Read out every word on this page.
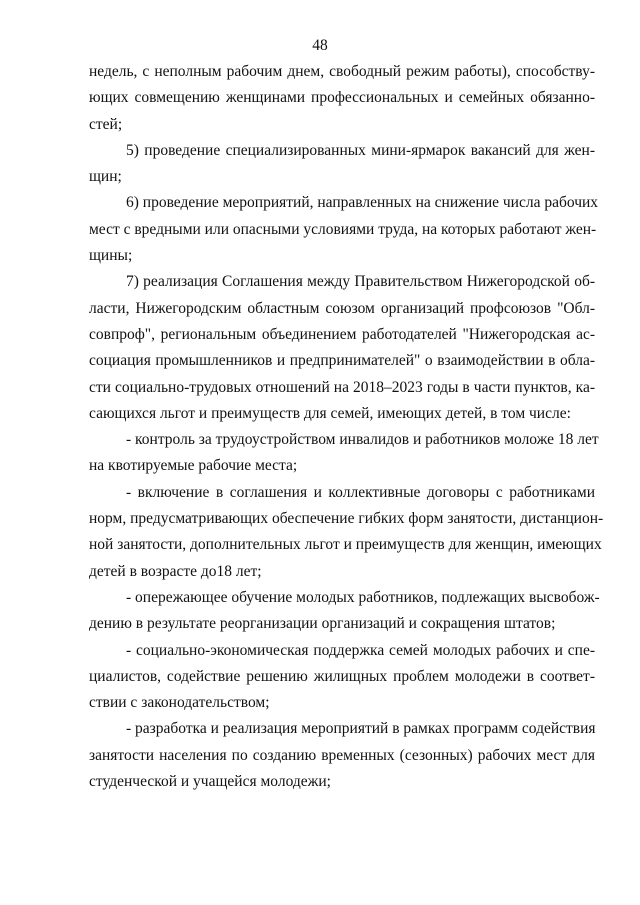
48
недель, с неполным рабочим днем, свободный режим работы), способству-
ющих совмещению женщинами профессиональных и семейных обязанно-
стей;
5) проведение специализированных мини-ярмарок вакансий для жен-
щин;
6) проведение мероприятий, направленных на снижение числа рабочих
мест с вредными или опасными условиями труда, на которых работают жен-
щины;
7) реализация Соглашения между Правительством Нижегородской об-
ласти, Нижегородским областным союзом организаций профсоюзов "Обл-
совпроф", региональным объединением работодателей "Нижегородская ас-
социация промышленников и предпринимателей" о взаимодействии в обла-
сти социально-трудовых отношений на 2018–2023 годы в части пунктов, ка-
сающихся льгот и преимуществ для семей, имеющих детей, в том числе:
- контроль за трудоустройством инвалидов и работников моложе 18 лет
на квотируемые рабочие места;
- включение в соглашения и коллективные договоры с работниками
норм, предусматривающих обеспечение гибких форм занятости, дистанцион-
ной занятости, дополнительных льгот и преимуществ для женщин, имеющих
детей в возрасте до18 лет;
- опережающее обучение молодых работников, подлежащих высвобож-
дению в результате реорганизации организаций и сокращения штатов;
- социально-экономическая поддержка семей молодых рабочих и спе-
циалистов, содействие решению жилищных проблем молодежи в соответ-
ствии с законодательством;
- разработка и реализация мероприятий в рамках программ содействия
занятости населения по созданию временных (сезонных) рабочих мест для
студенческой и учащейся молодежи;
